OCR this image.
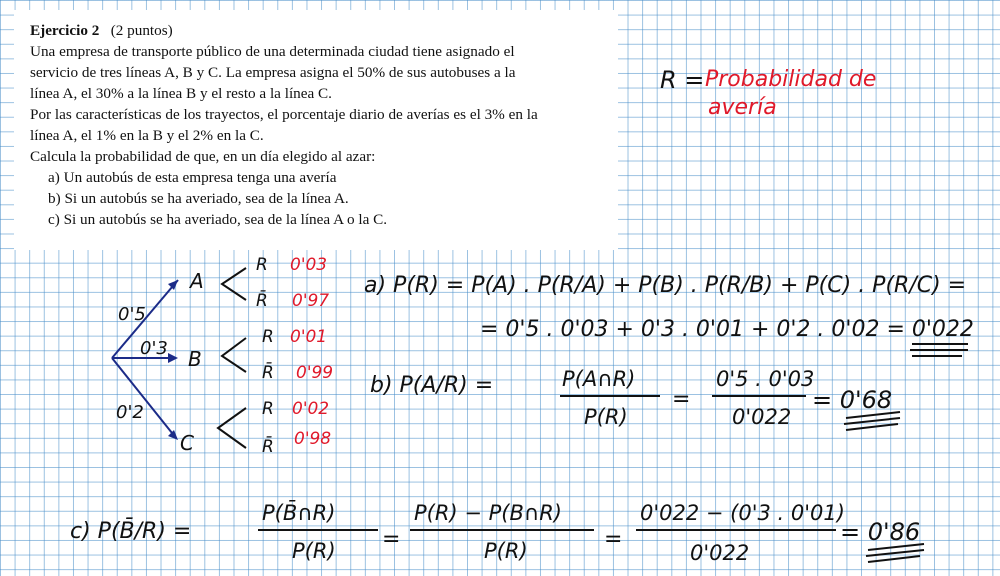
Ejercicio 2 (2 puntos)

Una empresa de transporte público de una determinada ciudad tiene asignado el

servicio de tres líneas A, B y C. La empresa asigna el 50% de sus autobuses a la

línea A, el 30% a la línea B y el resto a la línea C.

Por las características de los trayectos, el porcentaje diario de averías es el 3% en la

línea A, el 1% en la B y el 2% en la C.

Calcula la probabilidad de que, en un día elegido al azar:

a) Un autobús de esta empresa tenga una avería

b) Si un autobús se ha averiado, sea de la línea A.

c) Si un autobús se ha averiado, sea de la línea A o la C.

R = Probabilidad de
avería
0'5
0'3
0'2
A
B
C
R
R̄
R
R̄
R
R̄
0'03
0'97
0'01
0'99
0'02
0'98
a) P(R) = P(A) . P(R/A) + P(B) . P(R/B) + P(C) . P(R/C) =
= 0'5 . 0'03 + 0'3 . 0'01 + 0'2 . 0'02 = 0'022
b) P(A/R) =	P(A∩R)
P(R)
=
0'5 . 0'03
0'022
= 0'68
c) P(B̄/R) =
P(B̄∩R)
P(R) =
P(R) − P(B∩R)
P(R)	=
0'022 − (0'3 . 0'01)
0'022
= 0'86
